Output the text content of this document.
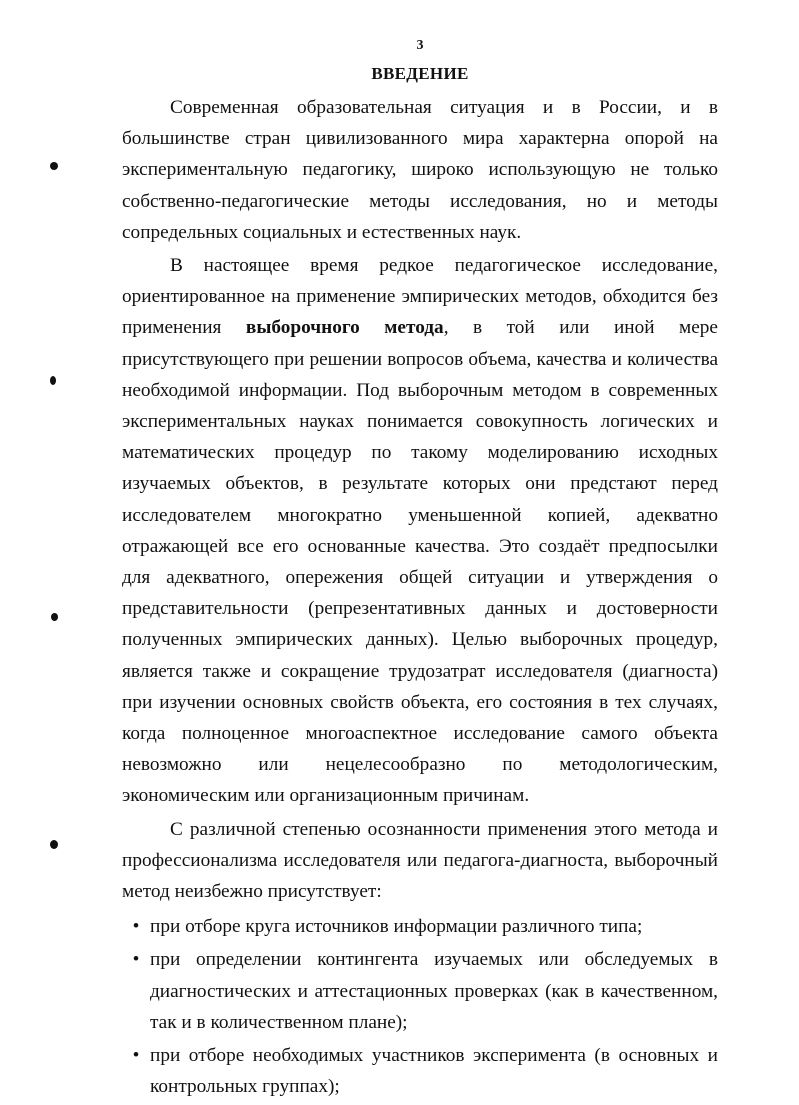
3
ВВЕДЕНИЕ

Современная образовательная ситуация и в России, и в большинстве стран цивилизованного мира характерна опорой на экспериментальную педагогику, широко использующую не только собственно-педагогические методы исследования, но и методы сопредельных социальных и естественных наук.

В настоящее время редкое педагогическое исследование, ориентированное на применение эмпирических методов, обходится без применения выборочного метода, в той или иной мере присутствующего при решении вопросов объема, качества и количества необходимой информации. Под выборочным методом в современных экспериментальных науках понимается совокупность логических и математических процедур по такому моделированию исходных изучаемых объектов, в результате которых они предстают перед исследователем многократно уменьшенной копией, адекватно отражающей все его основанные качества. Это создаёт предпосылки для адекватного, опережения общей ситуации и утверждения о представительности (репрезентативных данных и достоверности полученных эмпирических данных). Целью выборочных процедур, является также и сокращение трудозатрат исследователя (диагноста) при изучении основных свойств объекта, его состояния в тех случаях, когда полноценное многоаспектное исследование самого объекта невозможно или нецелесообразно по методологическим, экономическим или организационным причинам.

С различной степенью осознанности применения этого метода и профессионализма исследователя или педагога-диагноста, выборочный метод неизбежно присутствует:

• при отборе круга источников информации различного типа;
• при определении контингента изучаемых или обследуемых в диагностических и аттестационных проверках (как в качественном, так и в количественном плане);
• при отборе необходимых участников эксперимента (в основных и контрольных группах);
